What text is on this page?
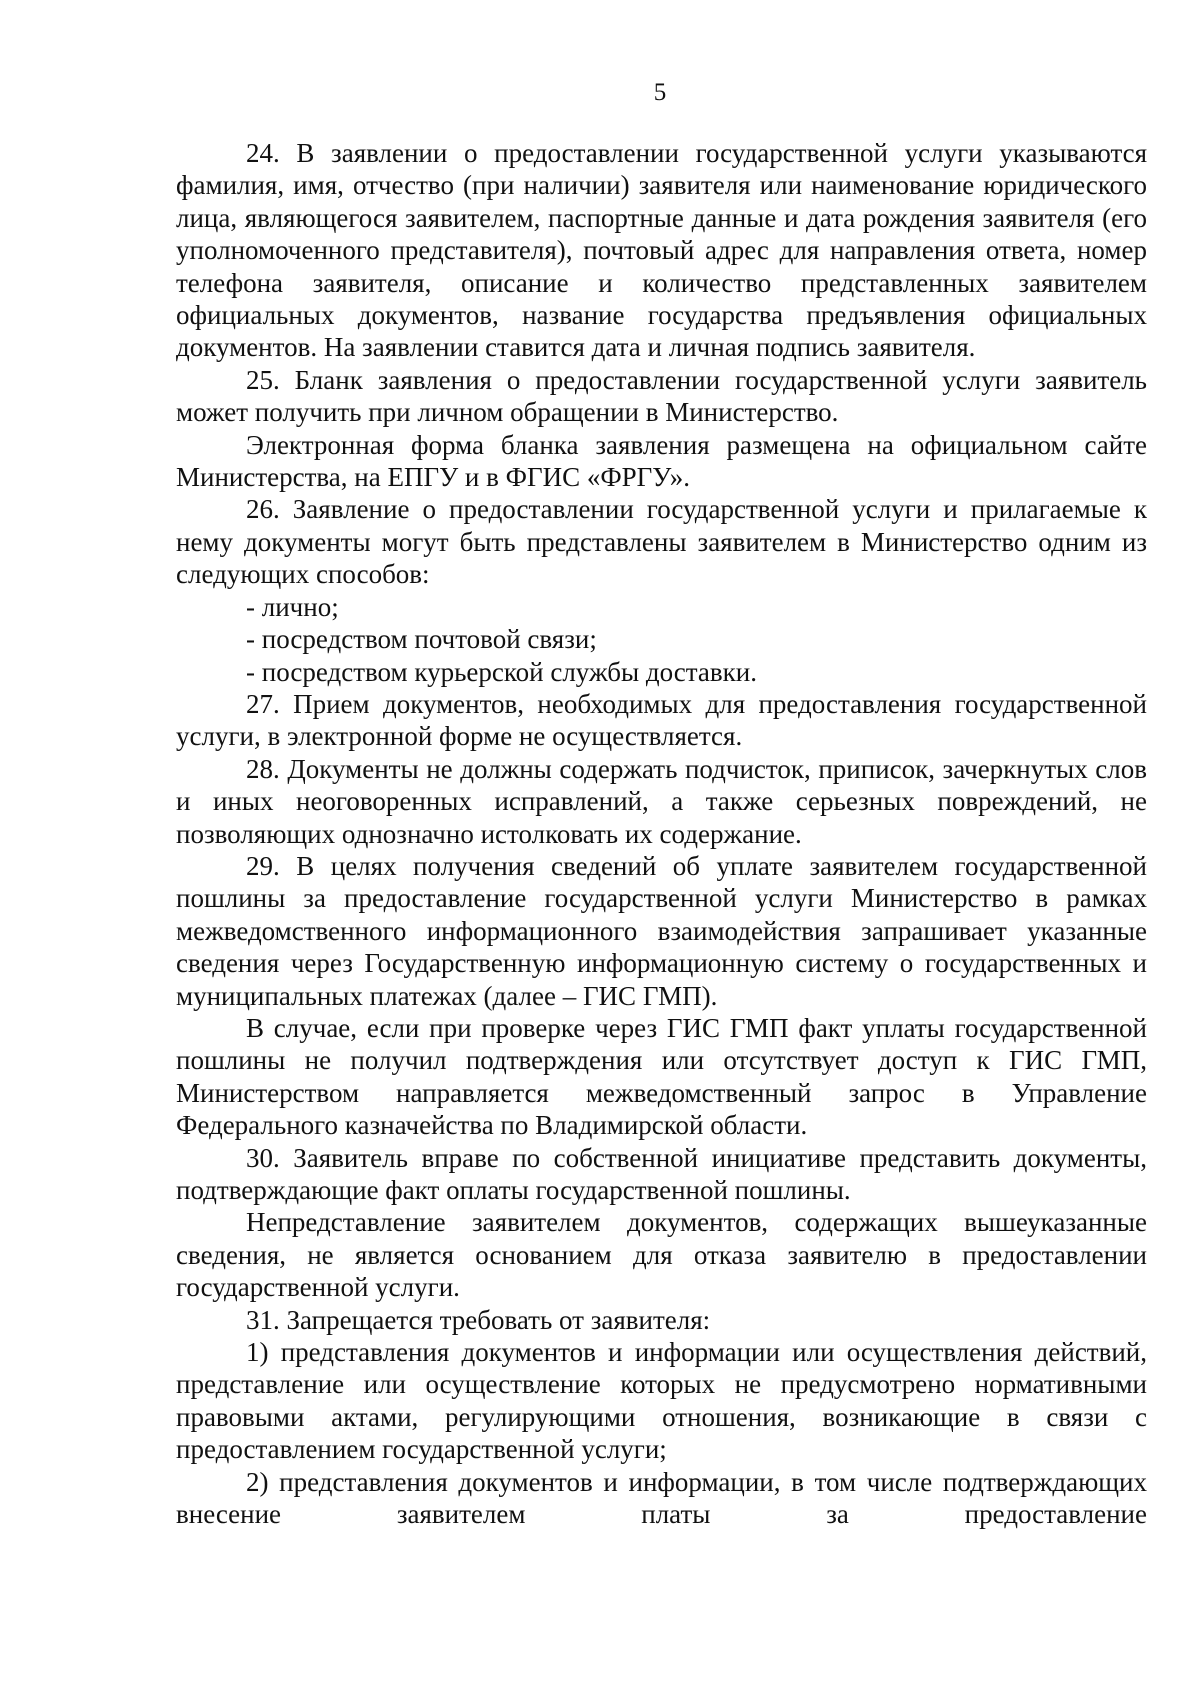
5

24. В заявлении о предоставлении государственной услуги указываются фамилия, имя, отчество (при наличии) заявителя или наименование юридического лица, являющегося заявителем, паспортные данные и дата рождения заявителя (его уполномоченного представителя), почтовый адрес для направления ответа, номер телефона заявителя, описание и количество представленных заявителем официальных документов, название государства предъявления официальных документов. На заявлении ставится дата и личная подпись заявителя.

25. Бланк заявления о предоставлении государственной услуги заявитель может получить при личном обращении в Министерство.

Электронная форма бланка заявления размещена на официальном сайте Министерства, на ЕПГУ и в ФГИС «ФРГУ».

26. Заявление о предоставлении государственной услуги и прилагаемые к нему документы могут быть представлены заявителем в Министерство одним из следующих способов:

- лично;

- посредством почтовой связи;

- посредством курьерской службы доставки.

27. Прием документов, необходимых для предоставления государственной услуги, в электронной форме не осуществляется.

28. Документы не должны содержать подчисток, приписок, зачеркнутых слов и иных неоговоренных исправлений, а также серьезных повреждений, не позволяющих однозначно истолковать их содержание.

29. В целях получения сведений об уплате заявителем государственной пошлины за предоставление государственной услуги Министерство в рамках межведомственного информационного взаимодействия запрашивает указанные сведения через Государственную информационную систему о государственных и муниципальных платежах (далее – ГИС ГМП).

В случае, если при проверке через ГИС ГМП факт уплаты государственной пошлины не получил подтверждения или отсутствует доступ к ГИС ГМП, Министерством направляется межведомственный запрос в Управление Федерального казначейства по Владимирской области.

30. Заявитель вправе по собственной инициативе представить документы, подтверждающие факт оплаты государственной пошлины.

Непредставление заявителем документов, содержащих вышеуказанные сведения, не является основанием для отказа заявителю в предоставлении государственной услуги.

31. Запрещается требовать от заявителя:

1) представления документов и информации или осуществления действий, представление или осуществление которых не предусмотрено нормативными правовыми актами, регулирующими отношения, возникающие в связи с предоставлением государственной услуги;

2) представления документов и информации, в том числе подтверждающих внесение заявителем платы за предоставление
